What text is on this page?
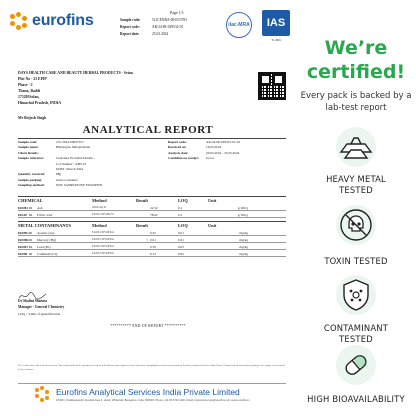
eurofins	Page 1/1
Sample code:	511CENRA-00/03/5783
Report code:	AR-24-IR-029532-01
Report date:	25.03.2024
ilac-MRA IAS
TL-869
DAYS HEALTH CARE AND BEAUTY HERBAL PRODUCTS - Seina
Plot No - 25 EPIP
Phase - 2
Thana, Baddi
173205Solan,
Himachal Pradesh, INDIA
Mr Brijesh Singh
ANALYTICAL REPORT
Sample code:	231-2024-00007357
Sample name:	Himalayan Shilajit Resin
Client Details:
Sample reference:	Customer Provided Details :
Lot Number : AHS-01
DOM : March 2024
Quantity received:	88g
Sample packing:	Glass Container
Sampling method:	NOT SAMPLED BY EUROFINS
Report code:	AR-24-IR-029532-01-02
Received on:	19.03.2024
Analysis date:	20.03.2024 - 25.03.2024
Condition on receipt:	Good
CHEMICAL	Method	Result	LOQ	Unit
IR3H4 IR	Ash	ASM ChQ.01	22.32	0.1	g/100 g
IR3J0 IR	Fulvic acid	EAML/CH/SOP/155	78.62	0.1	g/100 g
METAL CONTAMINANTS	Method	Result	LOQ	Unit
IR3HG IR	Arsenic (As)	EAML/CH/SOP/044	0.35	0.01	mg/kg
IR3HK IR	Mercury (Hg)	EAML/CH/SOP/044	< 0.01	0.01	mg/kg
IR3HJ IR	Lead (Pb)	EAML/CH/SOP/044	0.76	0.05	mg/kg
IR3HI IR	Cadmium (Cd)	EAML/CH/SOP/044	0.13	0.05	mg/kg
Dr Shalini Sharma
Manager - General Chemistry
LOQ = Limit of Quantification
********** END OF REPORT **********
The results relate only to the items tested. This report shall not be reproduced except in full without written approval of the laboratory. Sampling has not been performed by Eurofins Analytical Services India Private Limited and all information relating to the sample is as declared by the customer.
Eurofins Analytical Services India Private Limited
# 540/1, Doddanakundi Industrial Area 2, Hoodi, Whitefield, Bengaluru, India, 560048. Phone: +91 80 6700 1100. Email: customerservice@eurofins.com www.eurofins.in
We’re
certified!
Every pack is backed by a lab-test report
HEAVY METAL
TESTED
TOXIN TESTED
CONTAMINANT
TESTED
HIGH BIOAVAILABILITY
